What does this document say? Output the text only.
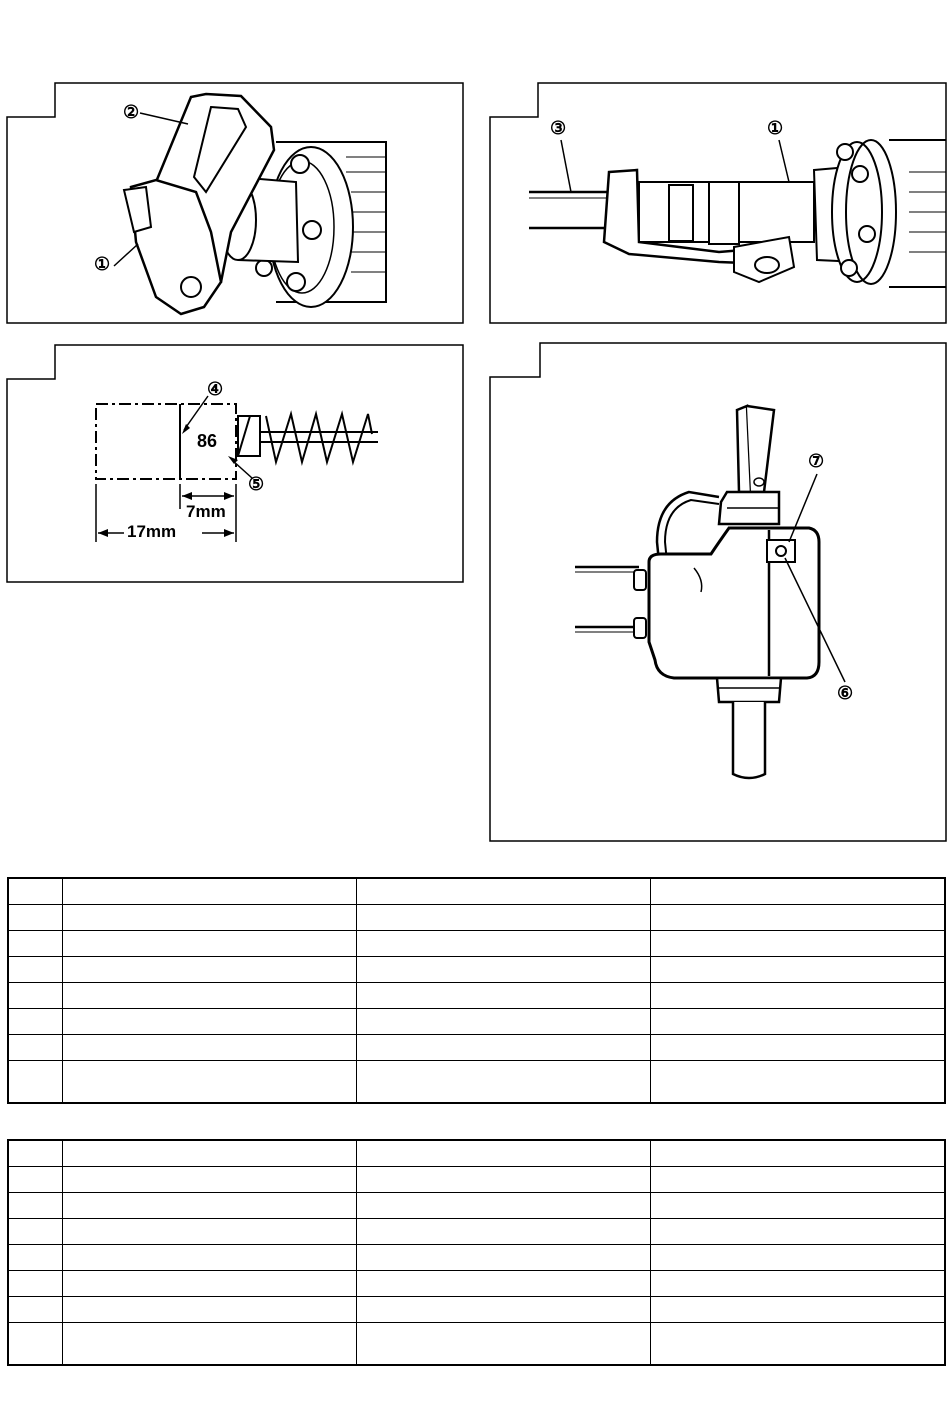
②
①
③	①
④
86
⑤
7mm
17mm
⑦
⑥
